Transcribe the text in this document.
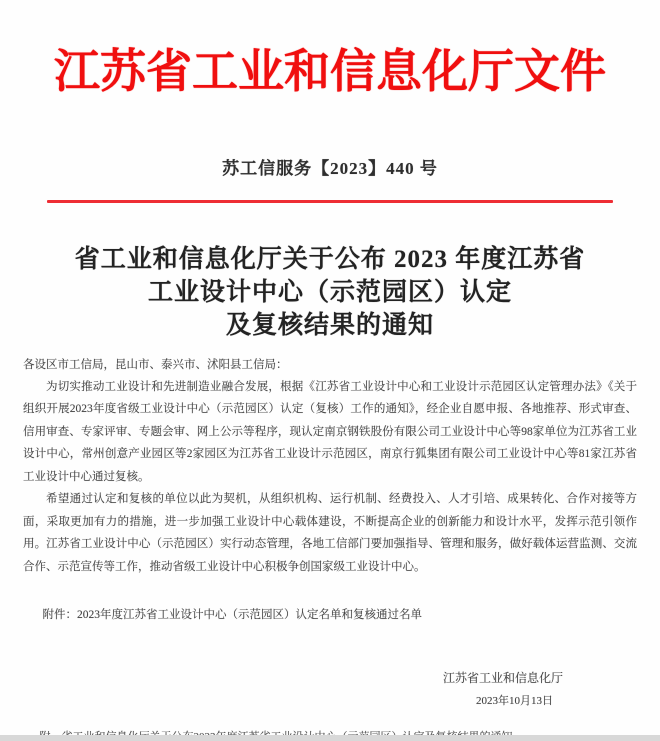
江苏省工业和信息化厅文件
苏工信服务【2023】440 号
省工业和信息化厅关于公布 2023 年度江苏省
工业设计中心（示范园区）认定
及复核结果的通知
各设区市工信局，昆山市、泰兴市、沭阳县工信局：

为切实推动工业设计和先进制造业融合发展，根据《江苏省工业设计中心和工业设计示范园区认定管理办法》《关于组织开展2023年度省级工业设计中心（示范园区）认定（复核）工作的通知》，经企业自愿申报、各地推荐、形式审查、信用审查、专家评审、专题会审、网上公示等程序，现认定南京钢铁股份有限公司工业设计中心等98家单位为江苏省工业设计中心，常州创意产业园区等2家园区为江苏省工业设计示范园区，南京行狐集团有限公司工业设计中心等81家江苏省工业设计中心通过复核。

希望通过认定和复核的单位以此为契机，从组织机构、运行机制、经费投入、人才引培、成果转化、合作对接等方面，采取更加有力的措施，进一步加强工业设计中心载体建设，不断提高企业的创新能力和设计水平，发挥示范引领作用。江苏省工业设计中心（示范园区）实行动态管理，各地工信部门要加强指导、管理和服务，做好载体运营监测、交流合作、示范宣传等工作，推动省级工业设计中心积极争创国家级工业设计中心。

附件：2023年度江苏省工业设计中心（示范园区）认定名单和复核通过名单

江苏省工业和信息化厅
2023年10月13日
